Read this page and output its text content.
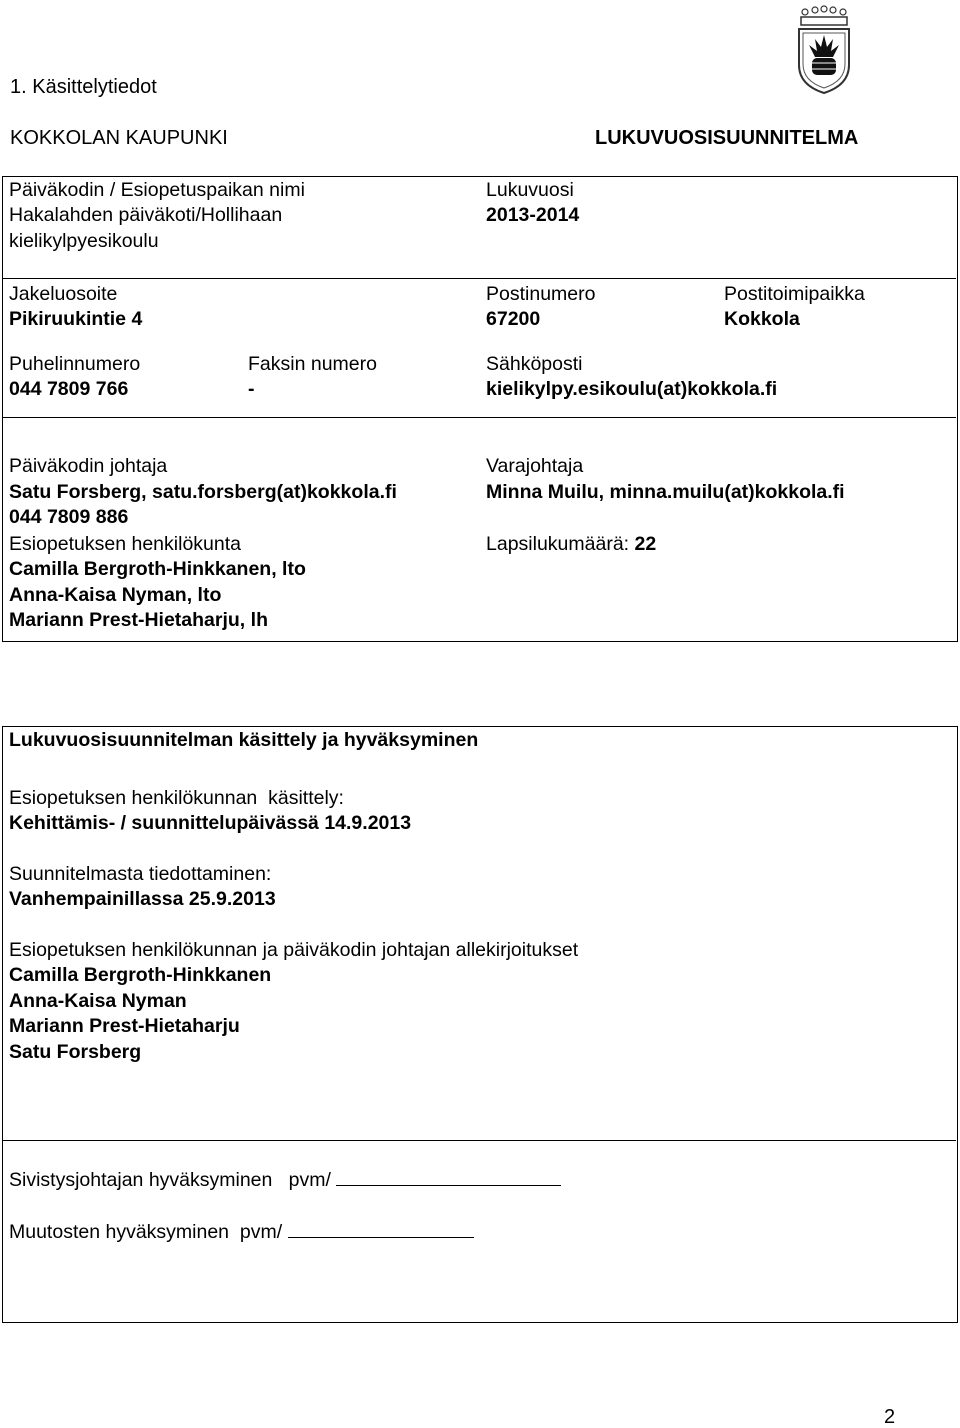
1. Käsittelytiedot
KOKKOLAN KAUPUNKI	LUKUVUOSISUUNNITELMA
Päiväkodin / Esiopetuspaikan nimi
Hakalahden päiväkoti/Hollihaan
kielikylpyesikoulu
Lukuvuosi
2013-2014
Jakeluosoite
Pikiruukintie 4
Postinumero
67200
Postitoimipaikka
Kokkola
Puhelinnumero
044 7809 766
Faksin numero
-
Sähköposti
kielikylpy.esikoulu(at)kokkola.fi
Päiväkodin johtaja
Satu Forsberg, satu.forsberg(at)kokkola.fi
044 7809 886
Varajohtaja
Minna Muilu, minna.muilu(at)kokkola.fi
Esiopetuksen henkilökunta
Camilla Bergroth-Hinkkanen, lto
Anna-Kaisa Nyman, lto
Mariann Prest-Hietaharju, lh
Lapsilukumäärä: 22
Lukuvuosisuunnitelman käsittely ja hyväksyminen
Esiopetuksen henkilökunnan  käsittely:
Kehittämis- / suunnittelupäivässä 14.9.2013
Suunnitelmasta tiedottaminen:
Vanhempainillassa 25.9.2013
Esiopetuksen henkilökunnan ja päiväkodin johtajan allekirjoitukset
Camilla Bergroth-Hinkkanen
Anna-Kaisa Nyman
Mariann Prest-Hietaharju
Satu Forsberg
Sivistysjohtajan hyväksyminen   pvm/
Muutosten hyväksyminen  pvm/
2
